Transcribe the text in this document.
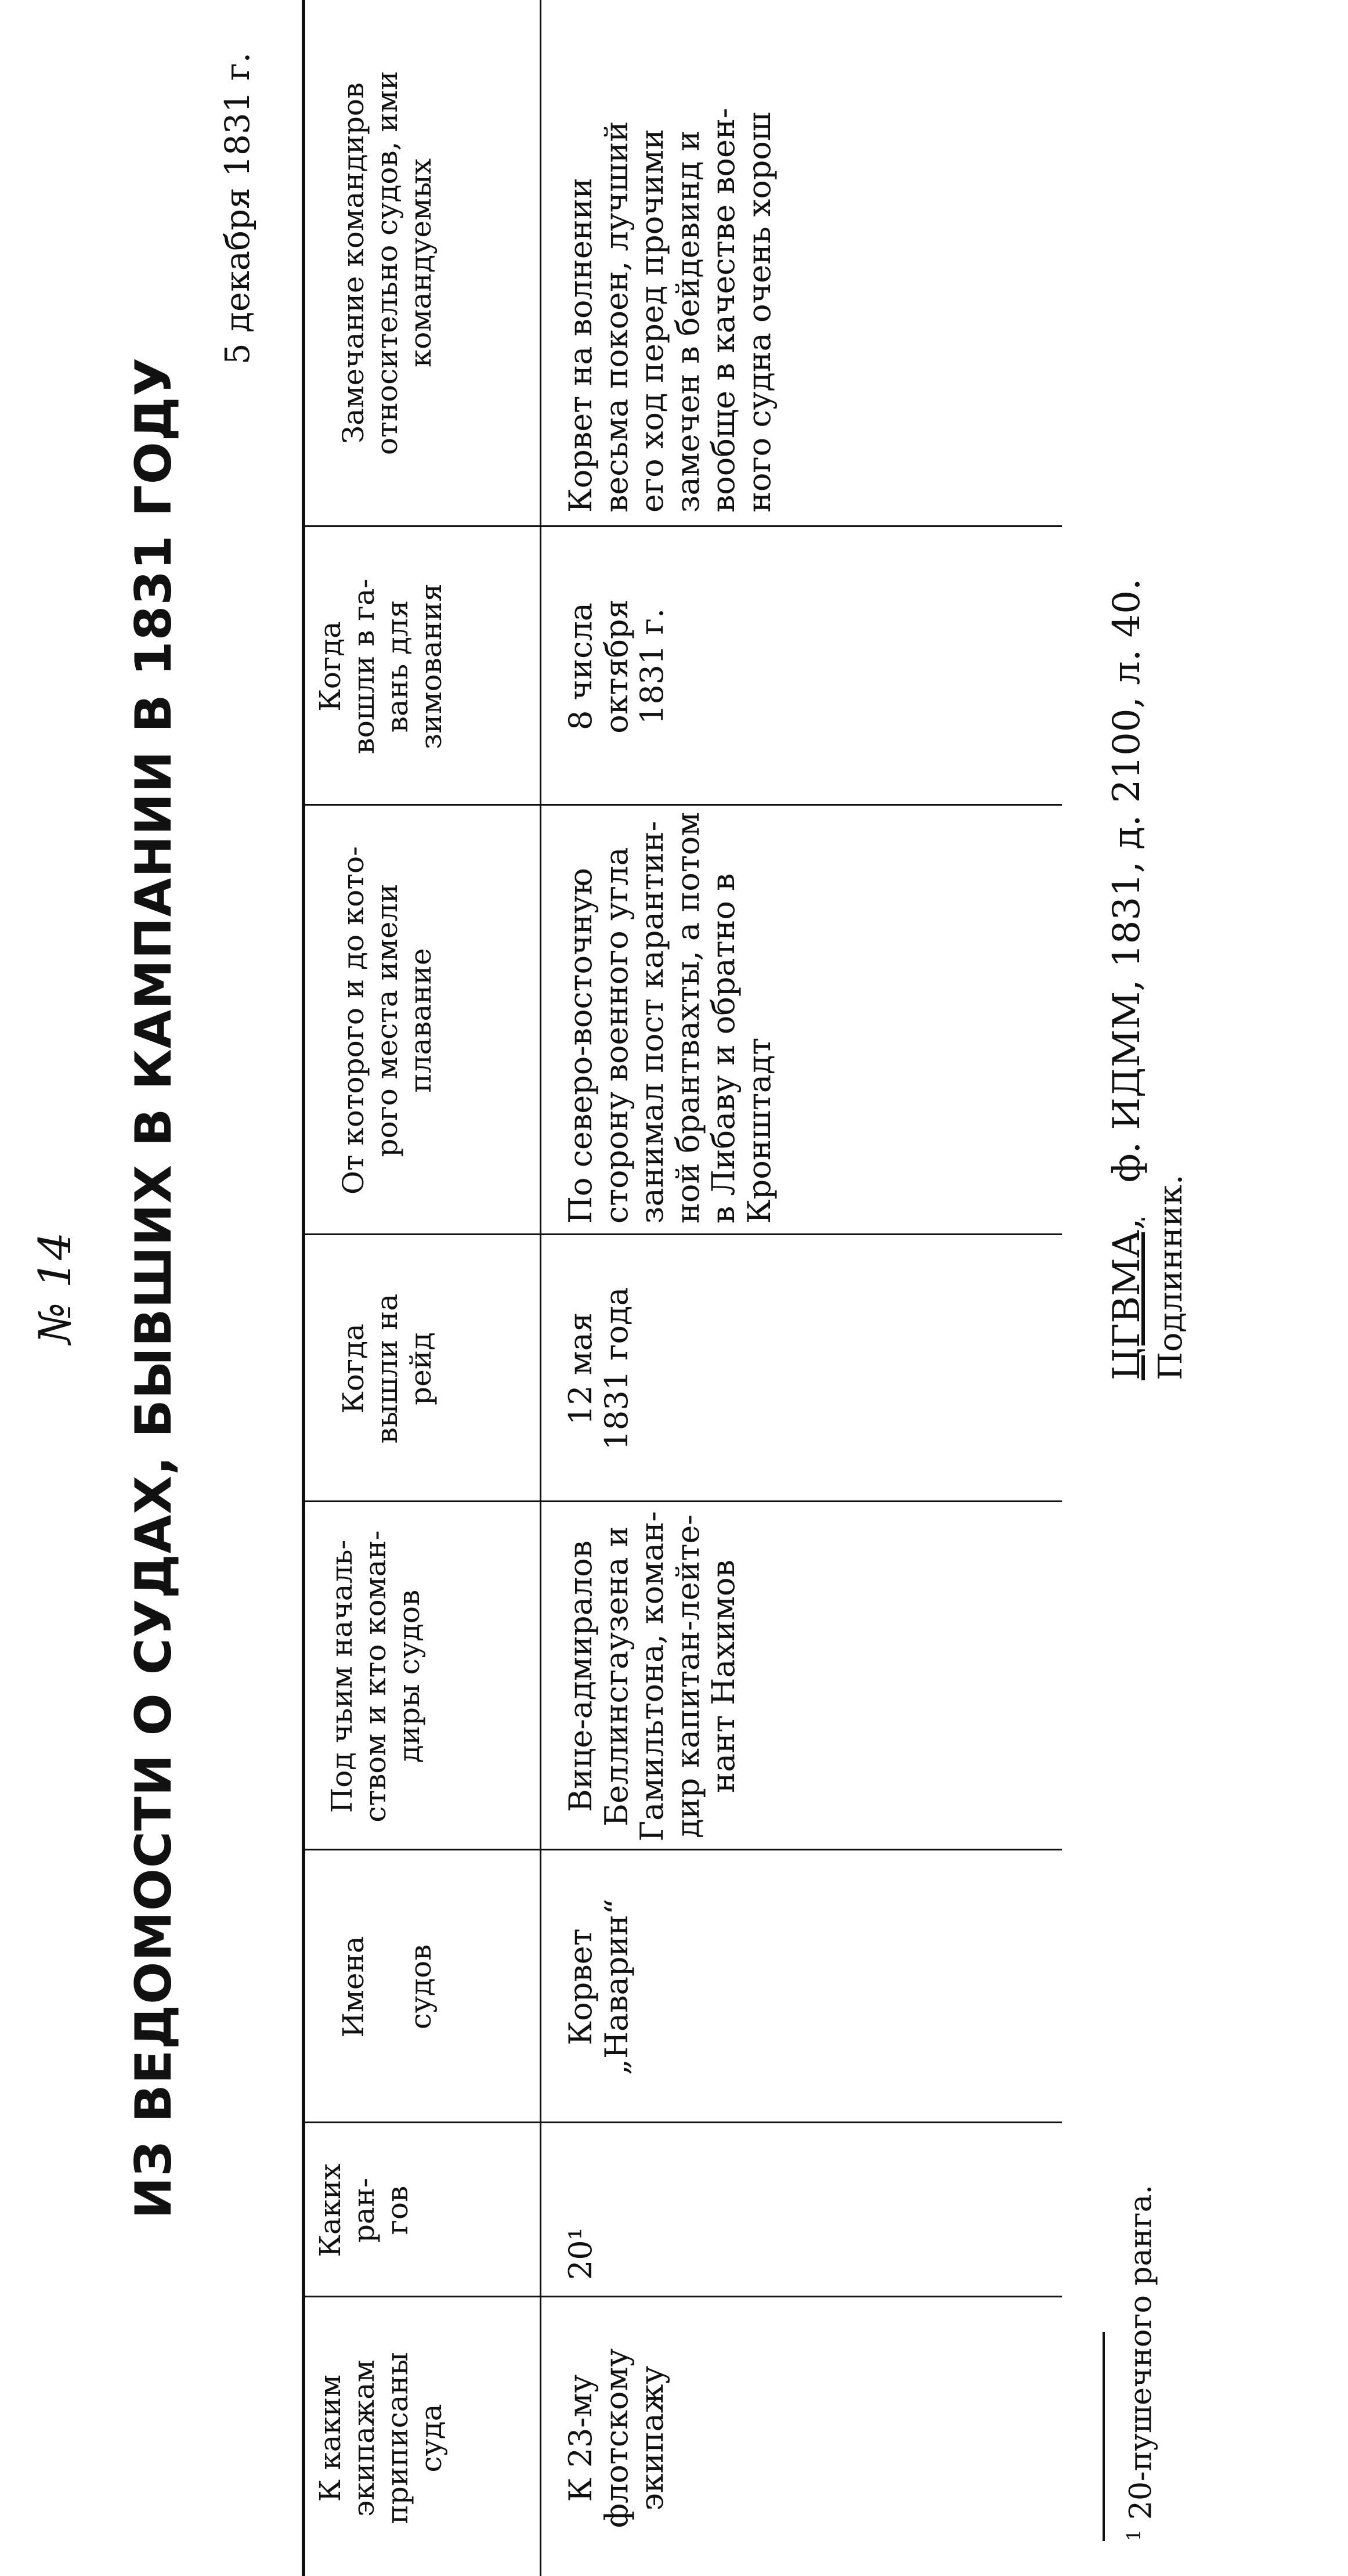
№ 14 ИЗ ВЕДОМОСТИ О СУДАХ, БЫВШИХ В КАМПАНИИ В 1831 ГОДУ
5 декабря 1831 г.
К каким
экипажам
приписаны
суда
Каких
ран-
гов
Имена

судов
Под чьим началь-
ством и кто коман-
диры судов
Когда
вышли на
рейд
От которого и до кото-
рого места имели
плавание
Когда
вошли в га-
вань для
зимования
Замечание командиров
относительно судов, ими
командуемых
К 23-му
флотскому
экипажу
20¹
Корвет
„Наварин“
Вице-адмиралов
Беллинсгаузена и
Гамильтона, коман-
дир капитан-лейте-
нант Нахимов
12 мая
1831 года
По северо-восточную
сторону военного угла
занимал пост карантин-
ной брантвахты, а потом
в Либаву и обратно в
Кронштадт
8 числа
октября
1831 г.
Корвет на волнении
весьма покоен, лучший
его ход перед прочими
замечен в бейдевинд и
вообще в качестве воен-
ного судна очень хорош
$^1$ 20-пушечного ранга.
ЦГВМА,   ф. ИДММ, 1831, д. 2100, л. 40.
Подлинник.
